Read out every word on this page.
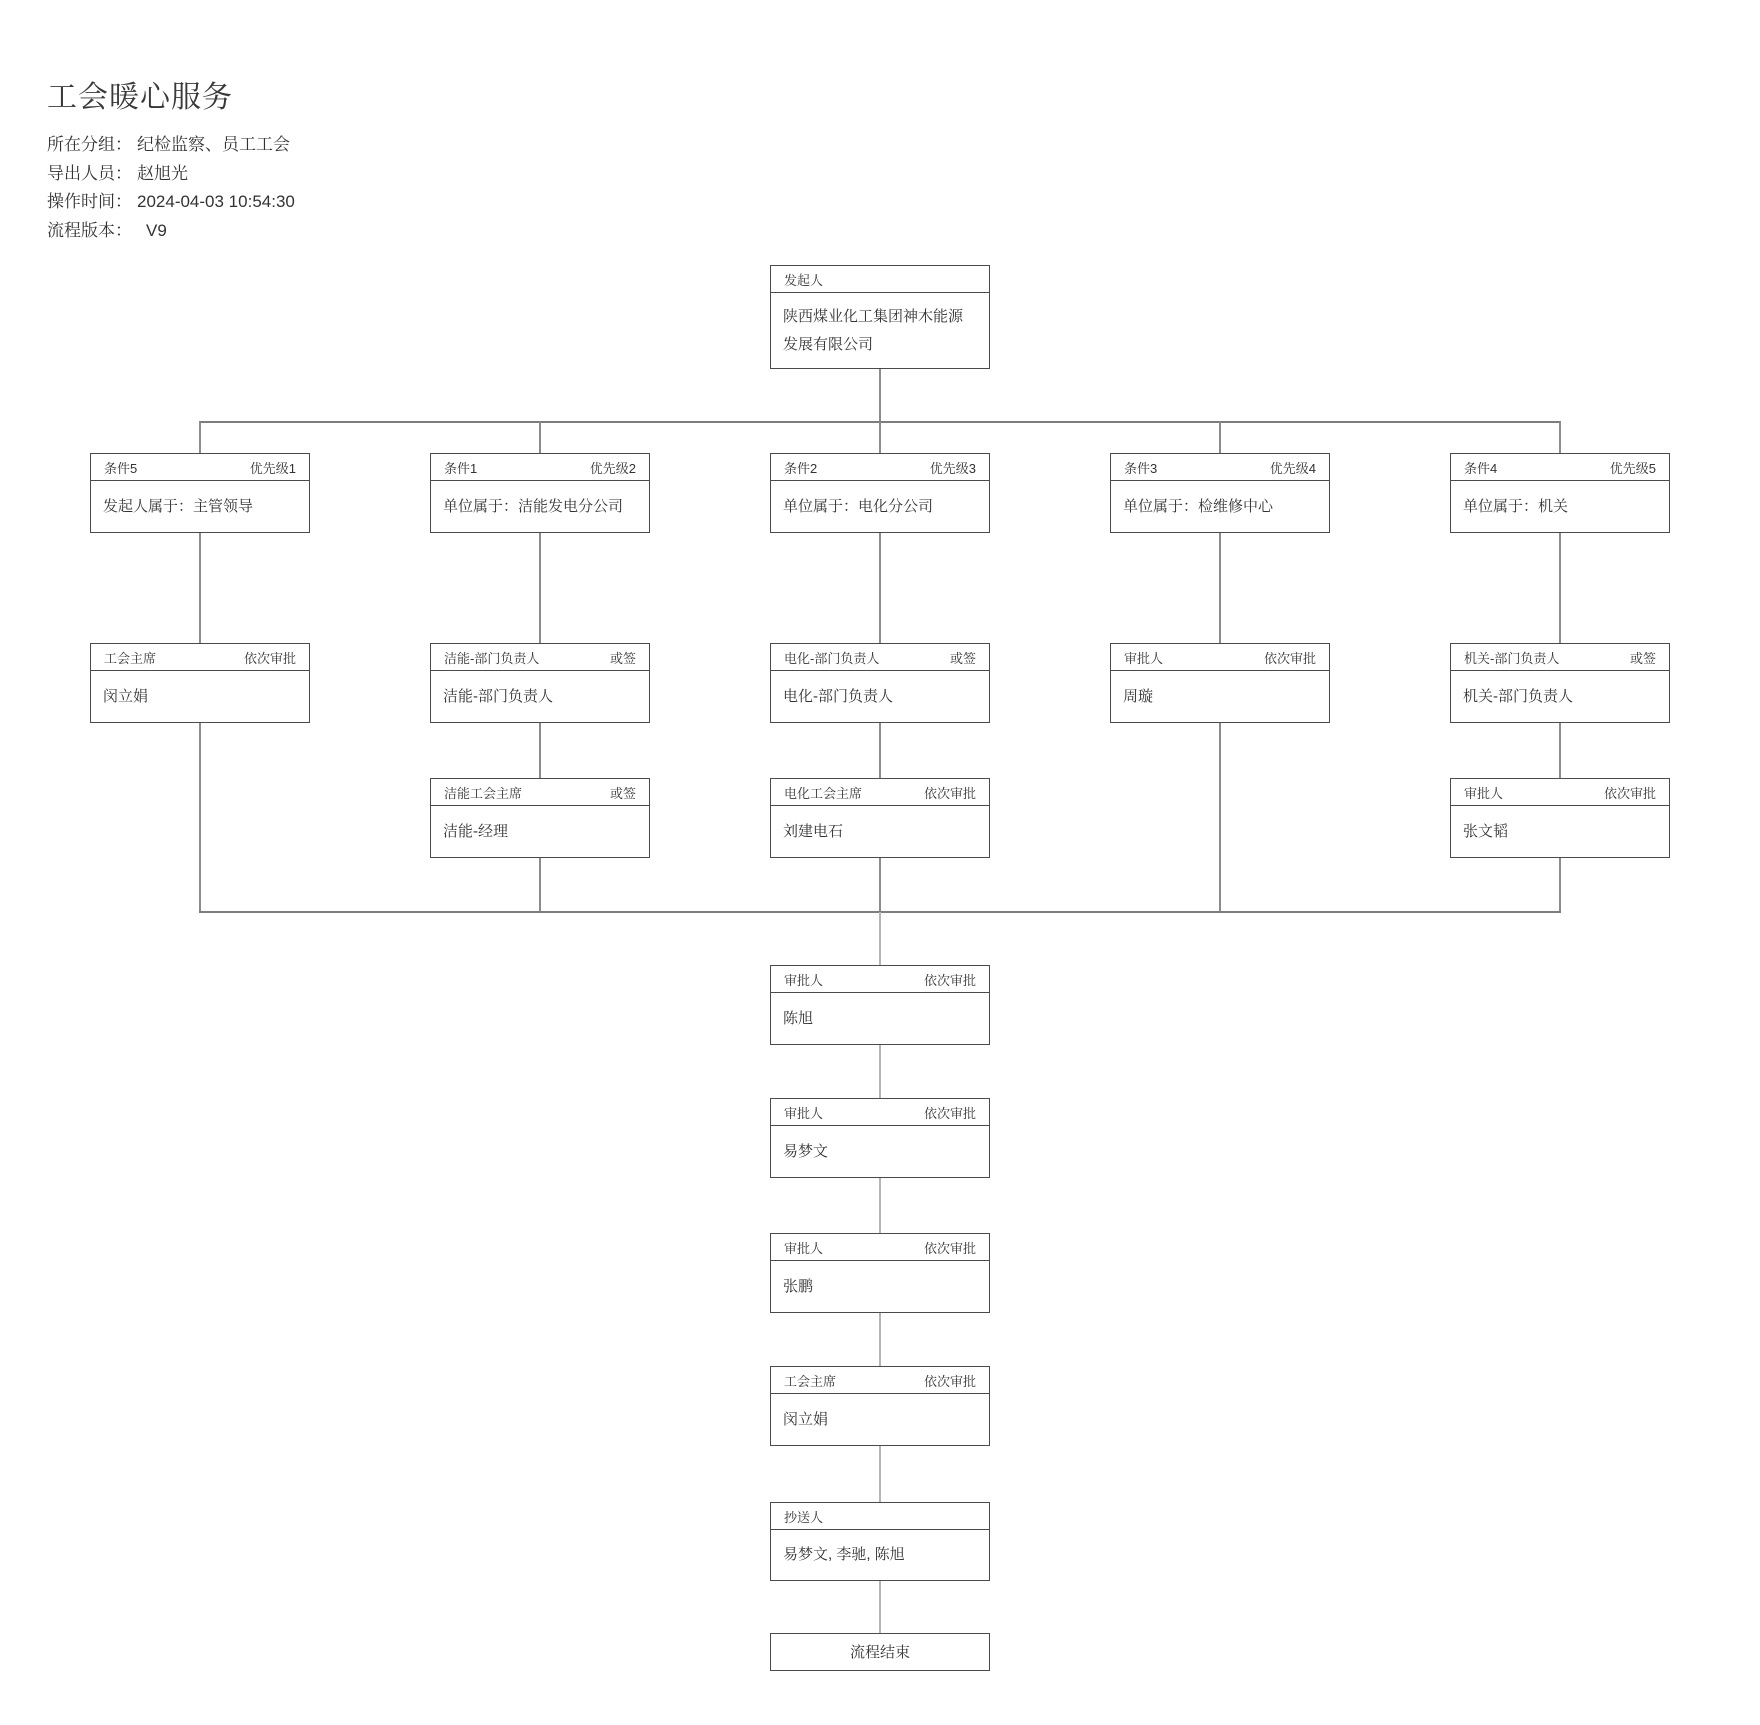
工会暖心服务
所在分组： 纪检监察、员工工会
导出人员： 赵旭光
操作时间： 2024-04-03 10:54:30
流程版本： V9
发起人
陕西煤业化工集团神木能源发展有限公司
条件5	优先级1
发起人属于：主管领导
条件1	优先级2
单位属于：洁能发电分公司
条件2	优先级3
单位属于：电化分公司
条件3	优先级4
单位属于：检维修中心
条件4	优先级5
单位属于：机关
工会主席	依次审批
闵立娟
洁能-部门负责人	或签
洁能-部门负责人
电化-部门负责人	或签
电化-部门负责人
审批人	依次审批
周璇
机关-部门负责人	或签
机关-部门负责人
洁能工会主席	或签
洁能-经理
电化工会主席	依次审批
刘建电石
审批人	依次审批
张文韬
审批人	依次审批
陈旭
审批人	依次审批
易梦文
审批人	依次审批
张鹏
工会主席	依次审批
闵立娟
抄送人
易梦文, 李驰, 陈旭
流程结束
